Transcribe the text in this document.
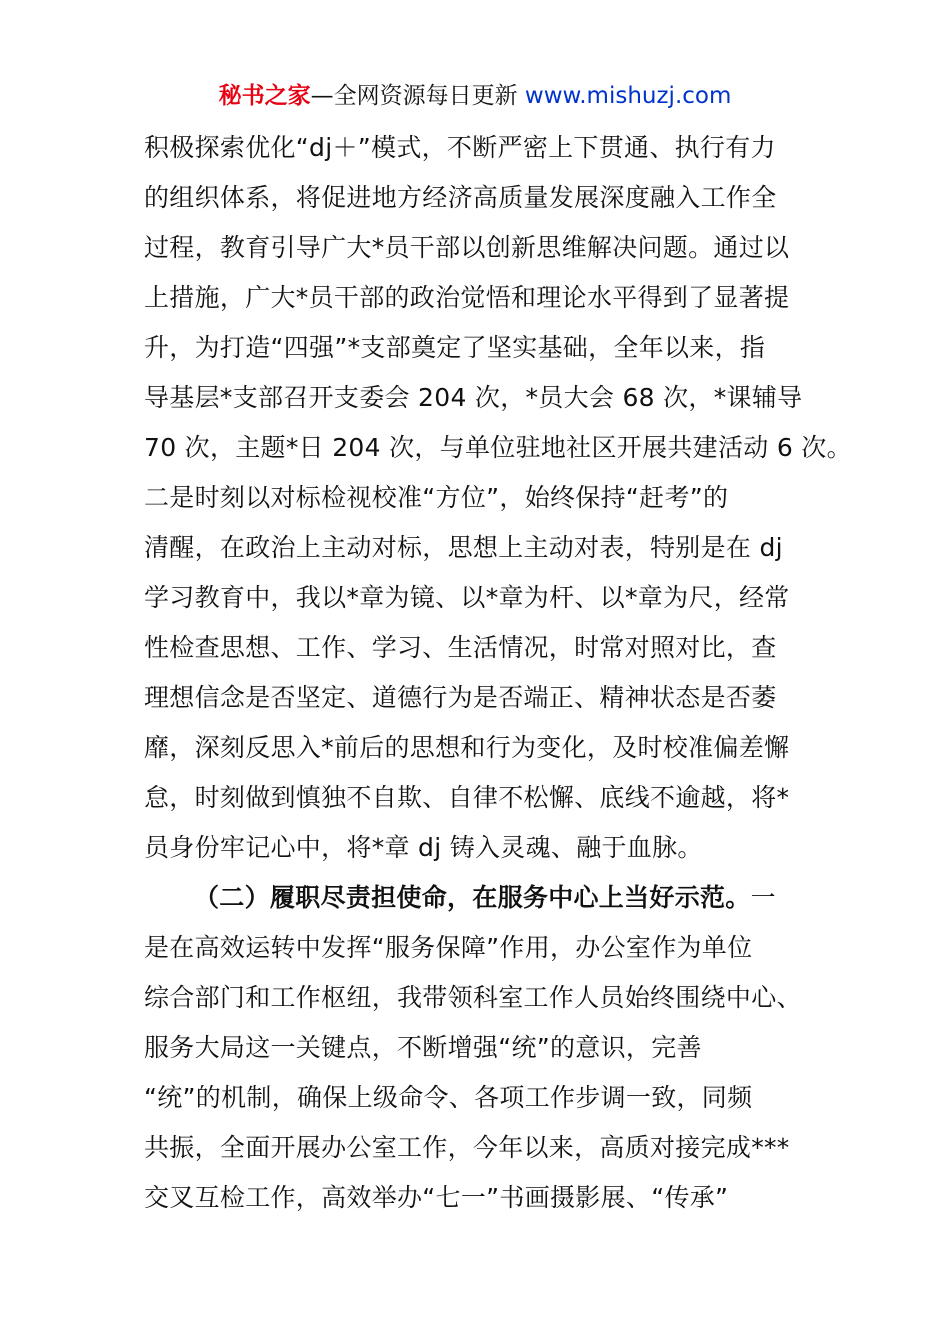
秘书之家—全网资源每日更新 www.mishuzj.com
积极探索优化“dj＋”模式，不断严密上下贯通、执行有力
的组织体系，将促进地方经济高质量发展深度融入工作全
过程，教育引导广大*员干部以创新思维解决问题。通过以
上措施，广大*员干部的政治觉悟和理论水平得到了显著提
升，为打造“四强”*支部奠定了坚实基础，全年以来，指
导基层*支部召开支委会 204 次，*员大会 68 次，*课辅导
70 次，主题*日 204 次，与单位驻地社区开展共建活动 6 次。
二是时刻以对标检视校准“方位”，始终保持“赶考”的
清醒，在政治上主动对标，思想上主动对表，特别是在 dj
学习教育中，我以*章为镜、以*章为杆、以*章为尺，经常
性检查思想、工作、学习、生活情况，时常对照对比，查
理想信念是否坚定、道德行为是否端正、精神状态是否萎
靡，深刻反思入*前后的思想和行为变化，及时校准偏差懈
怠，时刻做到慎独不自欺、自律不松懈、底线不逾越，将*
员身份牢记心中，将*章 dj 铸入灵魂、融于血脉。
（二）履职尽责担使命，在服务中心上当好示范。一
是在高效运转中发挥“服务保障”作用，办公室作为单位
综合部门和工作枢纽，我带领科室工作人员始终围绕中心、
服务大局这一关键点，不断增强“统”的意识，完善
“统”的机制，确保上级命令、各项工作步调一致，同频
共振，全面开展办公室工作，今年以来，高质对接完成***
交叉互检工作，高效举办“七一”书画摄影展、“传承”
